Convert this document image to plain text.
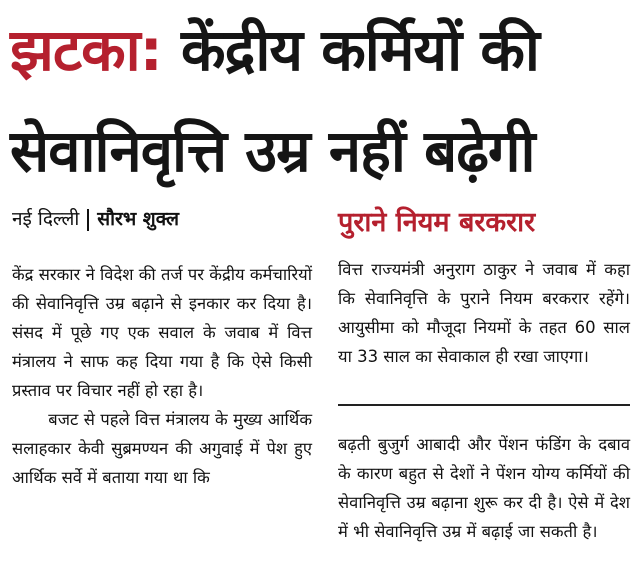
झटका: केंद्रीय कर्मियों की
सेवानिवृत्ति उम्र नहीं बढ़ेगी
नई दिल्ली सौरभ शुक्ल	पुराने नियम बरकरार

केंद्र सरकार ने विदेश की तर्ज पर केंद्रीय कर्मचारियों की सेवानिवृत्ति उम्र बढ़ाने से इनकार कर दिया है। संसद में पूछे गए एक सवाल के जवाब में वित्त मंत्रालय ने साफ कह दिया गया है कि ऐसे किसी प्रस्ताव पर विचार नहीं हो रहा है।

बजट से पहले वित्त मंत्रालय के मुख्य आर्थिक सलाहकार केवी सुब्रमण्यन की अगुवाई में पेश हुए आर्थिक सर्वे में बताया गया था कि

वित्त राज्यमंत्री अनुराग ठाकुर ने जवाब में कहा कि सेवानिवृत्ति के पुराने नियम बरकरार रहेंगे। आयुसीमा को मौजूदा नियमों के तहत 60 साल या 33 साल का सेवाकाल ही रखा जाएगा।

बढ़ती बुजुर्ग आबादी और पेंशन फंडिंग के दबाव के कारण बहुत से देशों ने पेंशन योग्य कर्मियों की सेवानिवृत्ति उम्र बढ़ाना शुरू कर दी है। ऐसे में देश में भी सेवानिवृत्ति उम्र में बढ़ाई जा सकती है।
